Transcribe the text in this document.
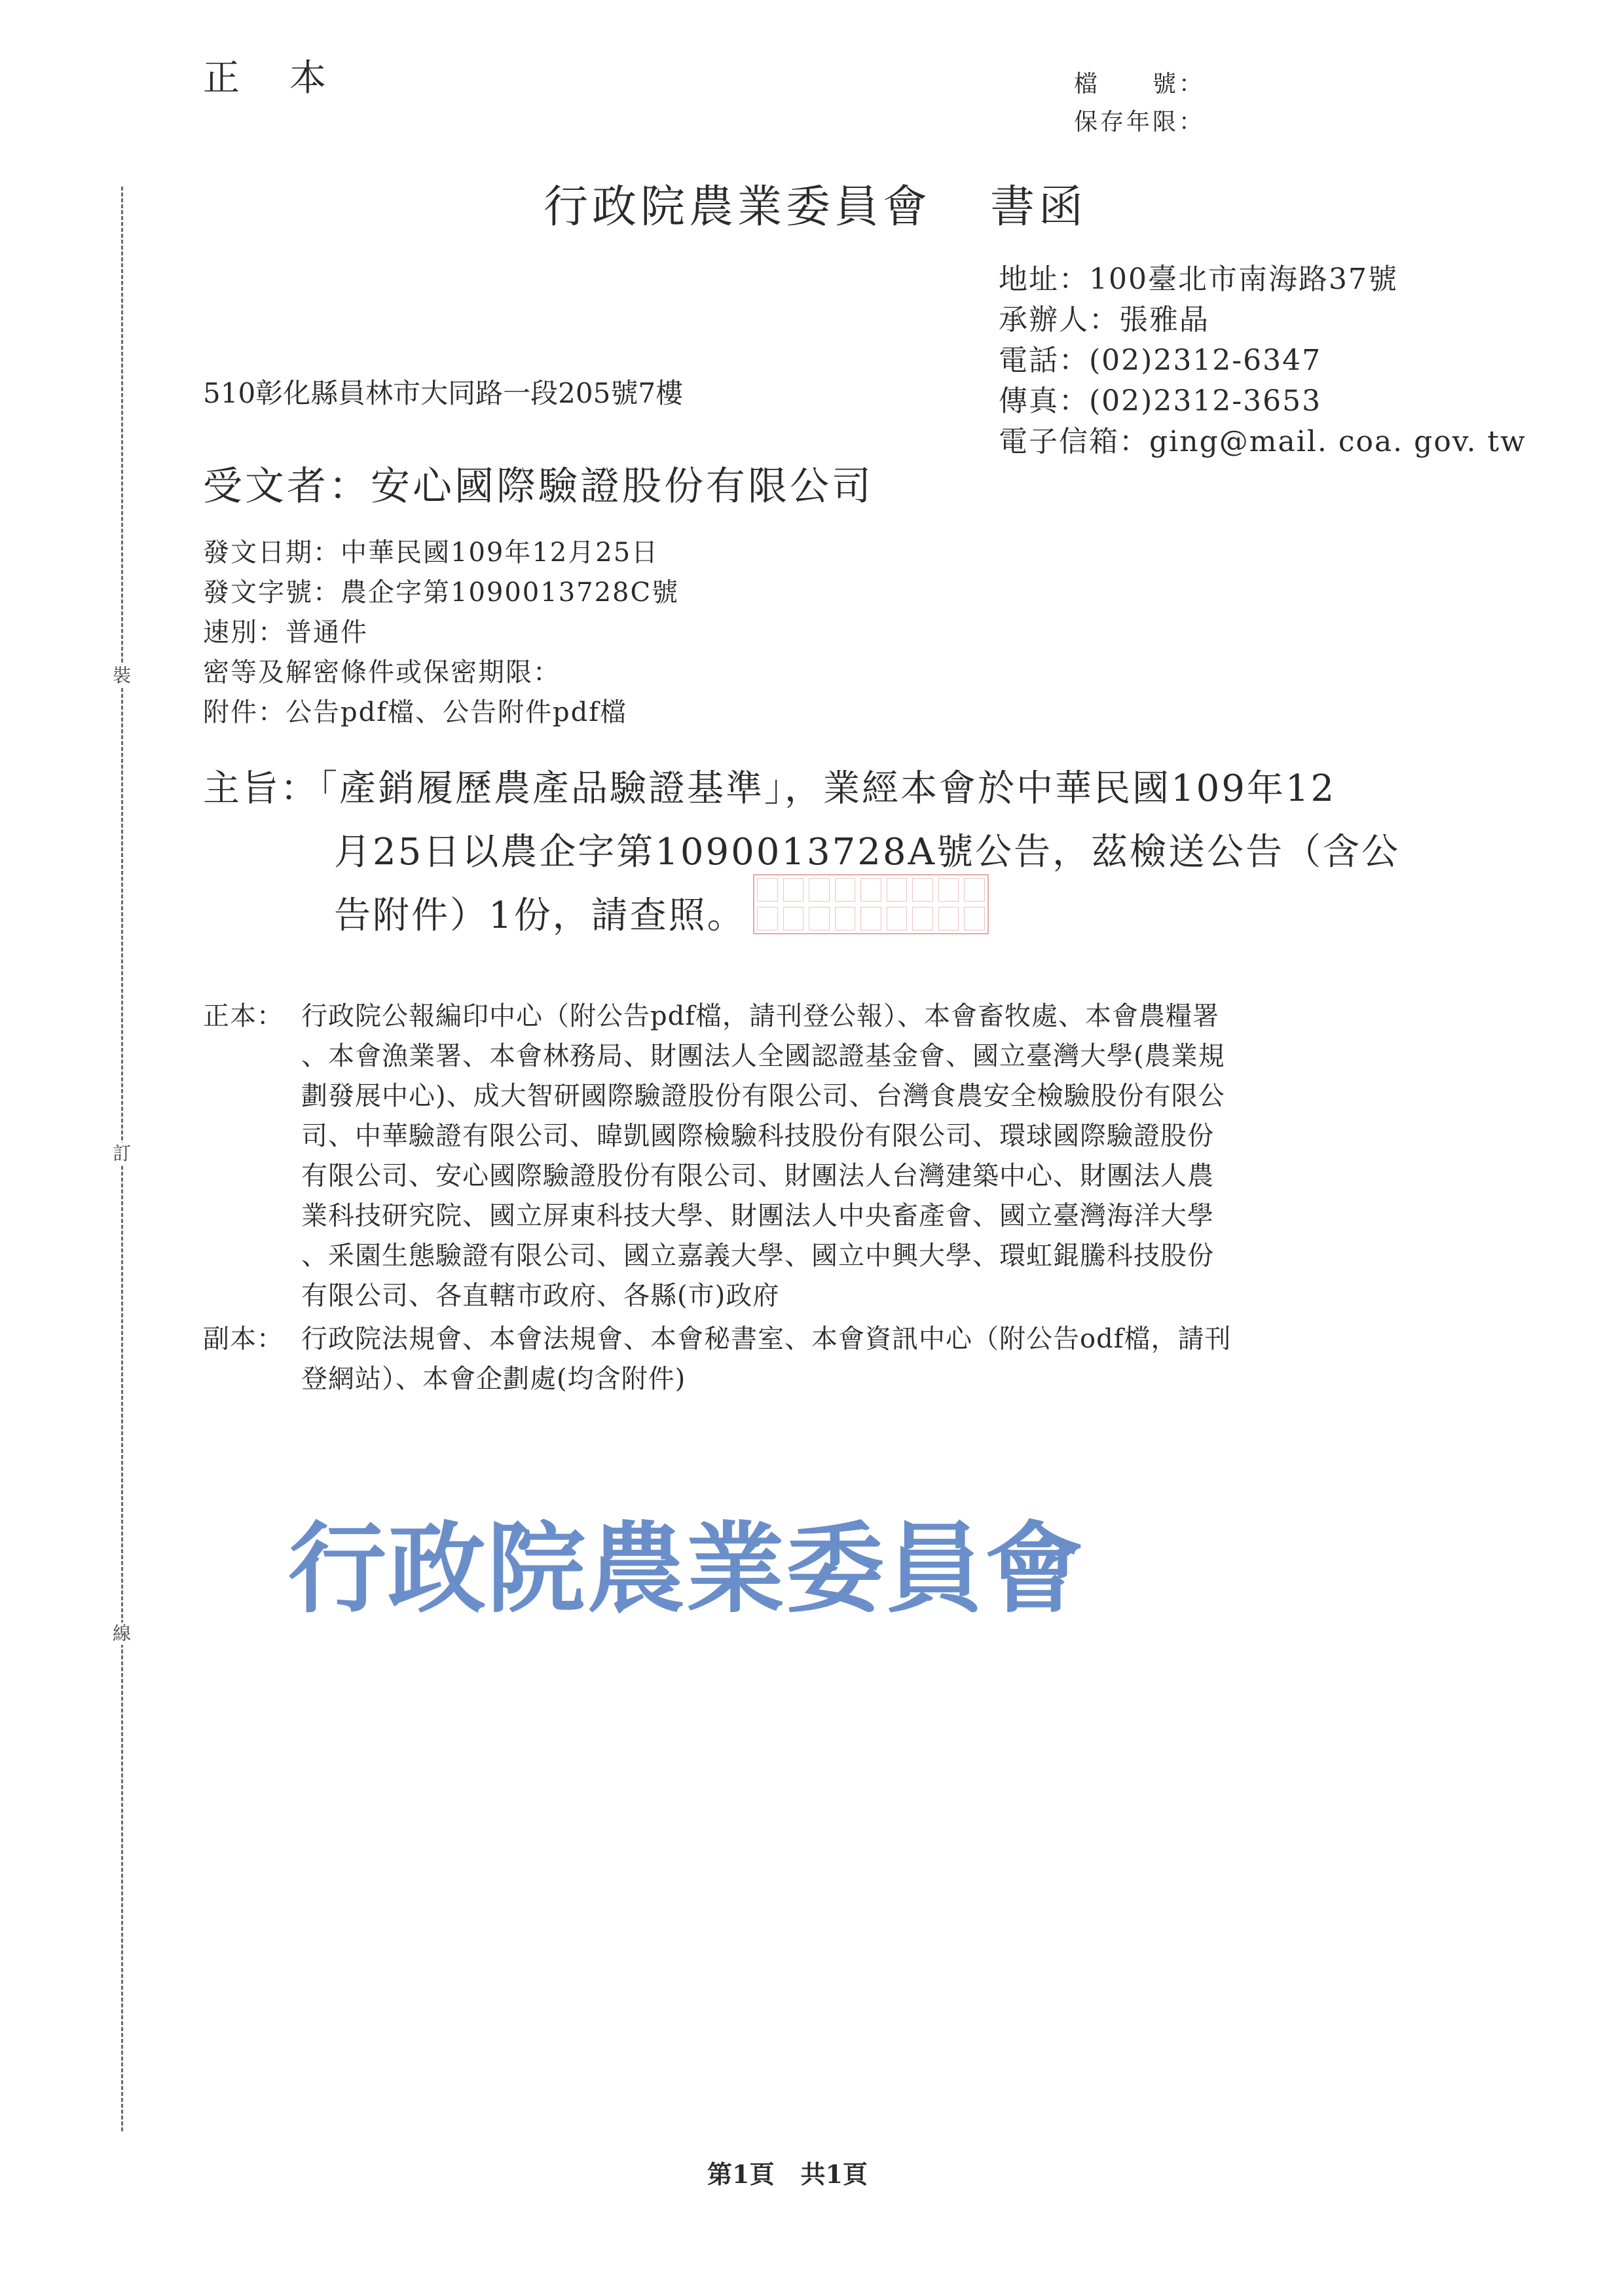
正 本	檔　　號：
保存年限：
行政院農業委員會 書函
地址：100臺北市南海路37號
承辦人：張雅晶
電話：(02)2312-6347
傳真：(02)2312-3653
電子信箱：ging@mail. coa. gov. tw
510彰化縣員林市大同路一段205號7樓
受文者：安心國際驗證股份有限公司
發文日期：中華民國109年12月25日
發文字號：農企字第1090013728C號
速別：普通件
密等及解密條件或保密期限：
附件：公告pdf檔、公告附件pdf檔
主旨：「產銷履歷農產品驗證基準」，業經本會於中華民國109年12
月25日以農企字第1090013728A號公告，茲檢送公告（含公
告附件）1份，請查照。
正本： 行政院公報編印中心（附公告pdf檔，請刊登公報）、本會畜牧處、本會農糧署
、本會漁業署、本會林務局、財團法人全國認證基金會、國立臺灣大學(農業規
劃發展中心)、成大智研國際驗證股份有限公司、台灣食農安全檢驗股份有限公
司、中華驗證有限公司、暐凱國際檢驗科技股份有限公司、環球國際驗證股份
有限公司、安心國際驗證股份有限公司、財團法人台灣建築中心、財團法人農
業科技研究院、國立屏東科技大學、財團法人中央畜產會、國立臺灣海洋大學
、釆園生態驗證有限公司、國立嘉義大學、國立中興大學、環虹錕騰科技股份
有限公司、各直轄市政府、各縣(市)政府
副本： 行政院法規會、本會法規會、本會秘書室、本會資訊中心（附公告odf檔，請刊
登網站）、本會企劃處(均含附件)
行政院農業委員會
裝
訂
線
第1頁 共1頁
